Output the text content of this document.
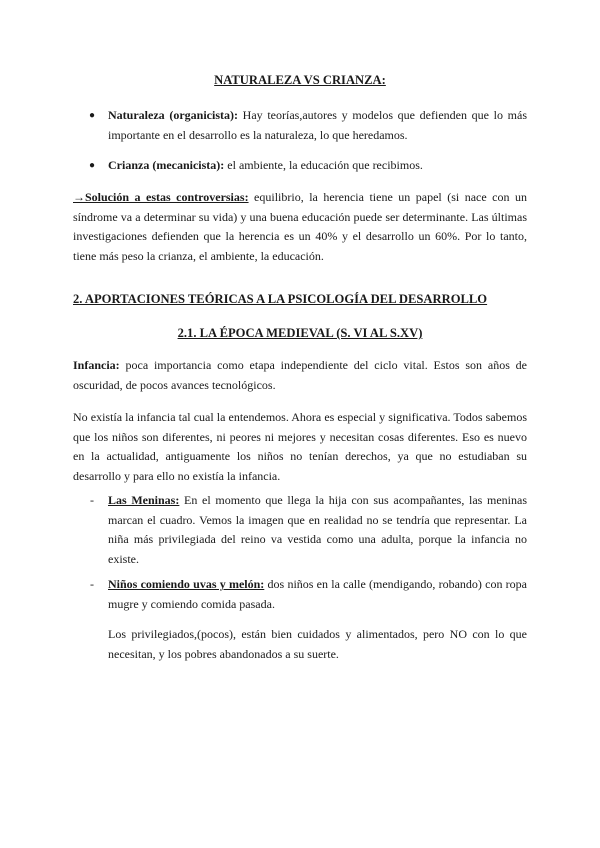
NATURALEZA VS CRIANZA:
● Naturaleza (organicista): Hay teorías,autores y modelos que defienden que lo más importante en el desarrollo es la naturaleza, lo que heredamos.
● Crianza (mecanicista): el ambiente, la educación que recibimos.
→Solución a estas controversias: equilibrio, la herencia tiene un papel (si nace con un síndrome va a determinar su vida) y una buena educación puede ser determinante. Las últimas investigaciones defienden que la herencia es un 40% y el desarrollo un 60%. Por lo tanto, tiene más peso la crianza, el ambiente, la educación.
2. APORTACIONES TEÓRICAS A LA PSICOLOGÍA DEL DESARROLLO
2.1. LA ÉPOCA MEDIEVAL (S. VI AL S.XV)
Infancia: poca importancia como etapa independiente del ciclo vital. Estos son años de oscuridad, de pocos avances tecnológicos.
No existía la infancia tal cual la entendemos. Ahora es especial y significativa. Todos sabemos que los niños son diferentes, ni peores ni mejores y necesitan cosas diferentes. Eso es nuevo en la actualidad, antiguamente los niños no tenían derechos, ya que no estudiaban su desarrollo y para ello no existía la infancia.
- Las Meninas: En el momento que llega la hija con sus acompañantes, las meninas marcan el cuadro. Vemos la imagen que en realidad no se tendría que representar. La niña más privilegiada del reino va vestida como una adulta, porque la infancia no existe.
- Niños comiendo uvas y melón: dos niños en la calle (mendigando, robando) con ropa mugre y comiendo comida pasada.
Los privilegiados,(pocos), están bien cuidados y alimentados, pero NO con lo que necesitan, y los pobres abandonados a su suerte.
